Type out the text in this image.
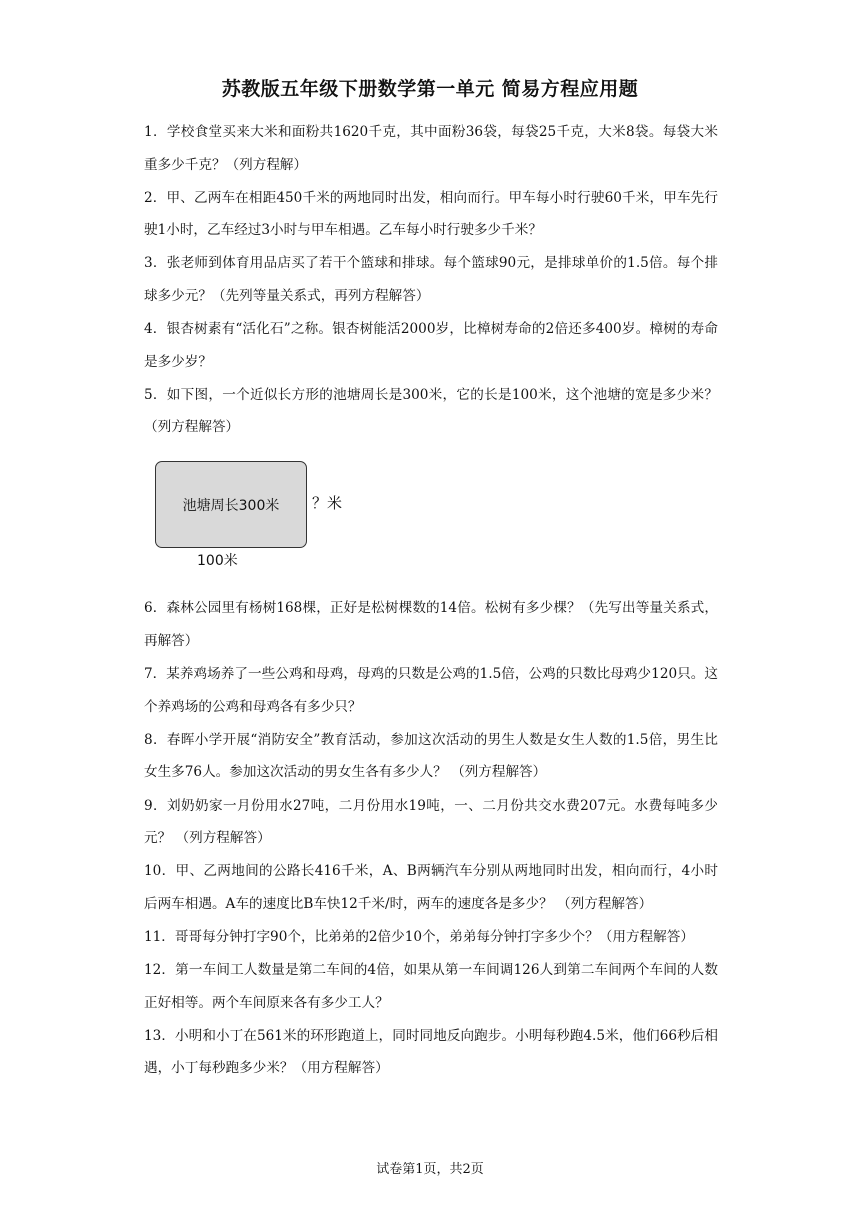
苏教版五年级下册数学第一单元 简易方程应用题

1．学校食堂买来大米和面粉共1620千克，其中面粉36袋，每袋25千克，大米8袋。每袋大米重多少千克？（列方程解）

2．甲、乙两车在相距450千米的两地同时出发，相向而行。甲车每小时行驶60千米，甲车先行驶1小时，乙车经过3小时与甲车相遇。乙车每小时行驶多少千米？

3．张老师到体育用品店买了若干个篮球和排球。每个篮球90元，是排球单价的1.5倍。每个排球多少元？（先列等量关系式，再列方程解答）

4．银杏树素有“活化石”之称。银杏树能活2000岁，比樟树寿命的2倍还多400岁。樟树的寿命是多少岁？

5．如下图，一个近似长方形的池塘周长是300米，它的长是100米，这个池塘的宽是多少米？（列方程解答）

池塘周长300米	？米
100米

6．森林公园里有杨树168棵，正好是松树棵数的14倍。松树有多少棵？（先写出等量关系式，再解答）

7．某养鸡场养了一些公鸡和母鸡，母鸡的只数是公鸡的1.5倍，公鸡的只数比母鸡少120只。这个养鸡场的公鸡和母鸡各有多少只？

8．春晖小学开展“消防安全”教育活动，参加这次活动的男生人数是女生人数的1.5倍，男生比女生多76人。参加这次活动的男女生各有多少人？ （列方程解答）

9．刘奶奶家一月份用水27吨，二月份用水19吨，一、二月份共交水费207元。水费每吨多少元？ （列方程解答）

10．甲、乙两地间的公路长416千米，A、B两辆汽车分别从两地同时出发，相向而行，4小时后两车相遇。A车的速度比B车快12千米/时，两车的速度各是多少？ （列方程解答）

11．哥哥每分钟打字90个，比弟弟的2倍少10个，弟弟每分钟打字多少个？（用方程解答）

12．第一车间工人数量是第二车间的4倍，如果从第一车间调126人到第二车间两个车间的人数正好相等。两个车间原来各有多少工人？

13．小明和小丁在561米的环形跑道上，同时同地反向跑步。小明每秒跑4.5米，他们66秒后相遇，小丁每秒跑多少米？（用方程解答）

试卷第1页，共2页
